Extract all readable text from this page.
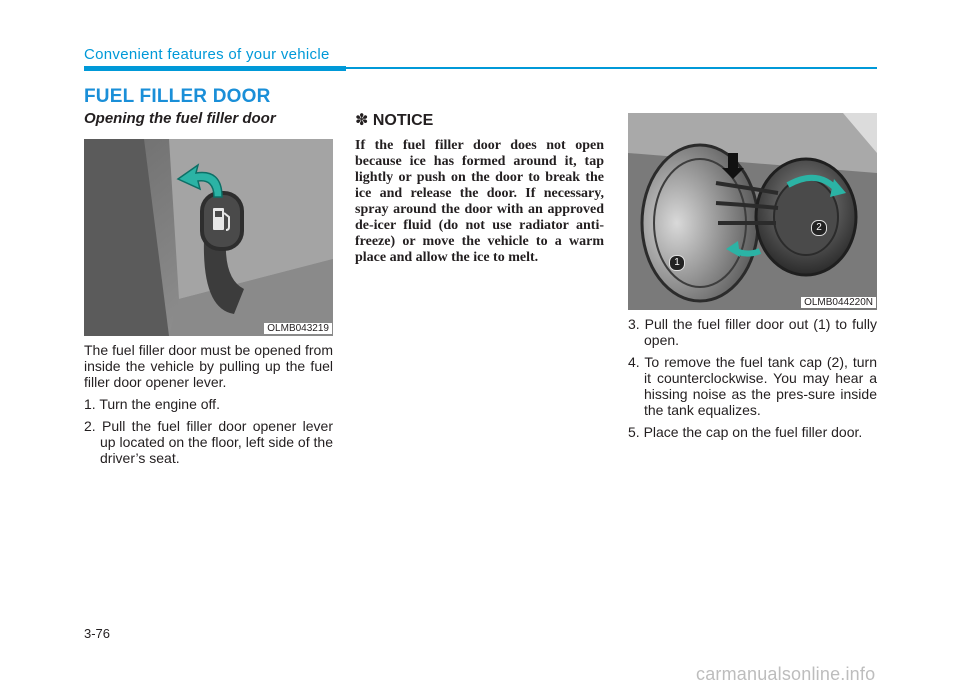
Convenient features of your vehicle
FUEL FILLER DOOR
Opening the fuel filler door
OLMB043219

The fuel filler door must be opened from inside the vehicle by pulling up the fuel filler door opener lever.

1. Turn the engine off.

2. Pull the fuel filler door opener lever up located on the floor, left side of the driver’s seat.

✽ NOTICE
If the fuel filler door does not open because ice has formed around it, tap lightly or push on the door to break the ice and release the door. If necessary, spray around the door with an approved de-icer fluid (do not use radiator anti-freeze) or move the vehicle to a warm place and allow the ice to melt.	1
2
OLMB044220N

3. Pull the fuel filler door out (1) to fully open.

4. To remove the fuel tank cap (2), turn it counterclockwise. You may hear a hissing noise as the pres-sure inside the tank equalizes.

5. Place the cap on the fuel filler door.

3-76
carmanualsonline.info
